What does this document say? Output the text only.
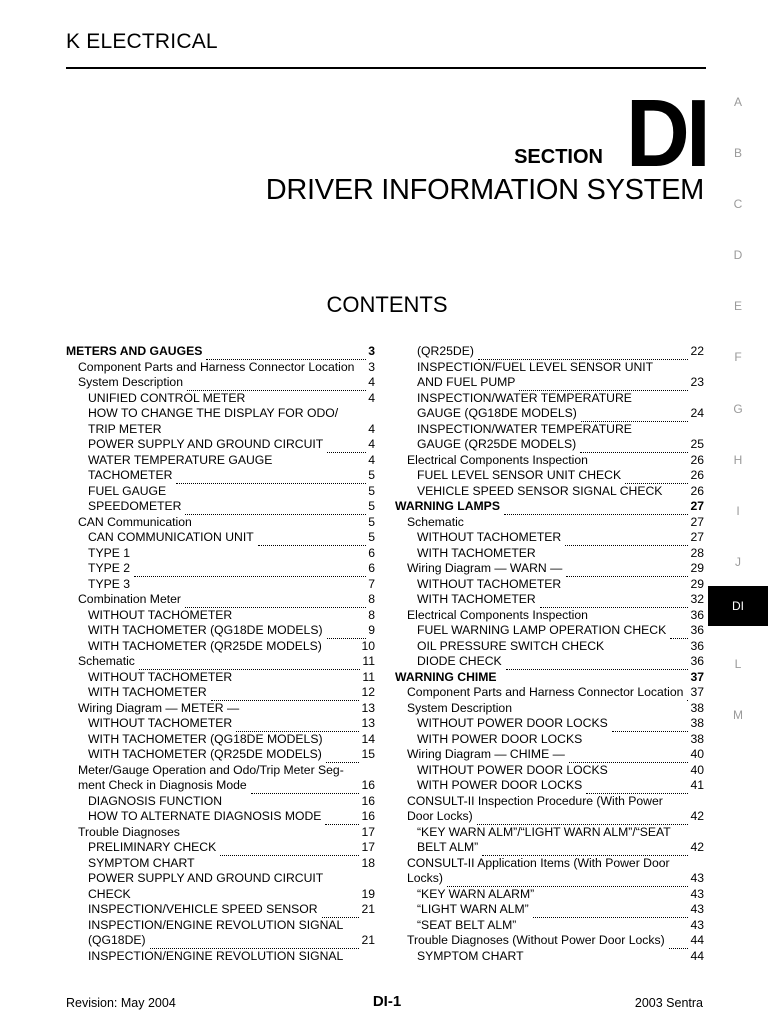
K ELECTRICAL
SECTION DI
DRIVER INFORMATION SYSTEM
CONTENTS
METERS AND GAUGES	3
Component Parts and Harness Connector Location 3
System Description	4
UNIFIED CONTROL METER	4
HOW TO CHANGE THE DISPLAY FOR ODO/
TRIP METER	4
POWER SUPPLY AND GROUND CIRCUIT	4
WATER TEMPERATURE GAUGE	4
TACHOMETER	5
FUEL GAUGE	5
SPEEDOMETER	5
CAN Communication	5
CAN COMMUNICATION UNIT	5
TYPE 1	6
TYPE 2	6
TYPE 3	7
Combination Meter	8
WITHOUT TACHOMETER	8
WITH TACHOMETER (QG18DE MODELS)	9
WITH TACHOMETER (QR25DE MODELS)	10
Schematic	11
WITHOUT TACHOMETER	11
WITH TACHOMETER	12
Wiring Diagram — METER —	13
WITHOUT TACHOMETER	13
WITH TACHOMETER (QG18DE MODELS)	14
WITH TACHOMETER (QR25DE MODELS)	15
Meter/Gauge Operation and Odo/Trip Meter Seg-
ment Check in Diagnosis Mode	16
DIAGNOSIS FUNCTION	16
HOW TO ALTERNATE DIAGNOSIS MODE	16
Trouble Diagnoses	17
PRELIMINARY CHECK	17
SYMPTOM CHART	18
POWER SUPPLY AND GROUND CIRCUIT
CHECK	19
INSPECTION/VEHICLE SPEED SENSOR	21
INSPECTION/ENGINE REVOLUTION SIGNAL
(QG18DE)	21
INSPECTION/ENGINE REVOLUTION SIGNAL
(QR25DE)	22
INSPECTION/FUEL LEVEL SENSOR UNIT
AND FUEL PUMP	23
INSPECTION/WATER TEMPERATURE
GAUGE (QG18DE MODELS)	24
INSPECTION/WATER TEMPERATURE
GAUGE (QR25DE MODELS)	25
Electrical Components Inspection	26
FUEL LEVEL SENSOR UNIT CHECK	26
VEHICLE SPEED SENSOR SIGNAL CHECK 26
WARNING LAMPS	27
Schematic	27
WITHOUT TACHOMETER	27
WITH TACHOMETER	28
Wiring Diagram — WARN —	29
WITHOUT TACHOMETER	29
WITH TACHOMETER	32
Electrical Components Inspection	36
FUEL WARNING LAMP OPERATION CHECK 36
OIL PRESSURE SWITCH CHECK	36
DIODE CHECK	36
WARNING CHIME	37
Component Parts and Harness Connector Location 37
System Description	38
WITHOUT POWER DOOR LOCKS	38
WITH POWER DOOR LOCKS	38
Wiring Diagram — CHIME —	40
WITHOUT POWER DOOR LOCKS	40
WITH POWER DOOR LOCKS	41
CONSULT-II Inspection Procedure (With Power
Door Locks)	42
“KEY WARN ALM”/“LIGHT WARN ALM”/“SEAT
BELT ALM”	42
CONSULT-II Application Items (With Power Door
Locks)	43
“KEY WARN ALARM”	43
“LIGHT WARN ALM”	43
“SEAT BELT ALM”	43
Trouble Diagnoses (Without Power Door Locks) 44
SYMPTOM CHART	44
A
B
C
D
E
F
G
H
I
J
DI
L
M
Revision: May 2004	DI-1	2003 Sentra
